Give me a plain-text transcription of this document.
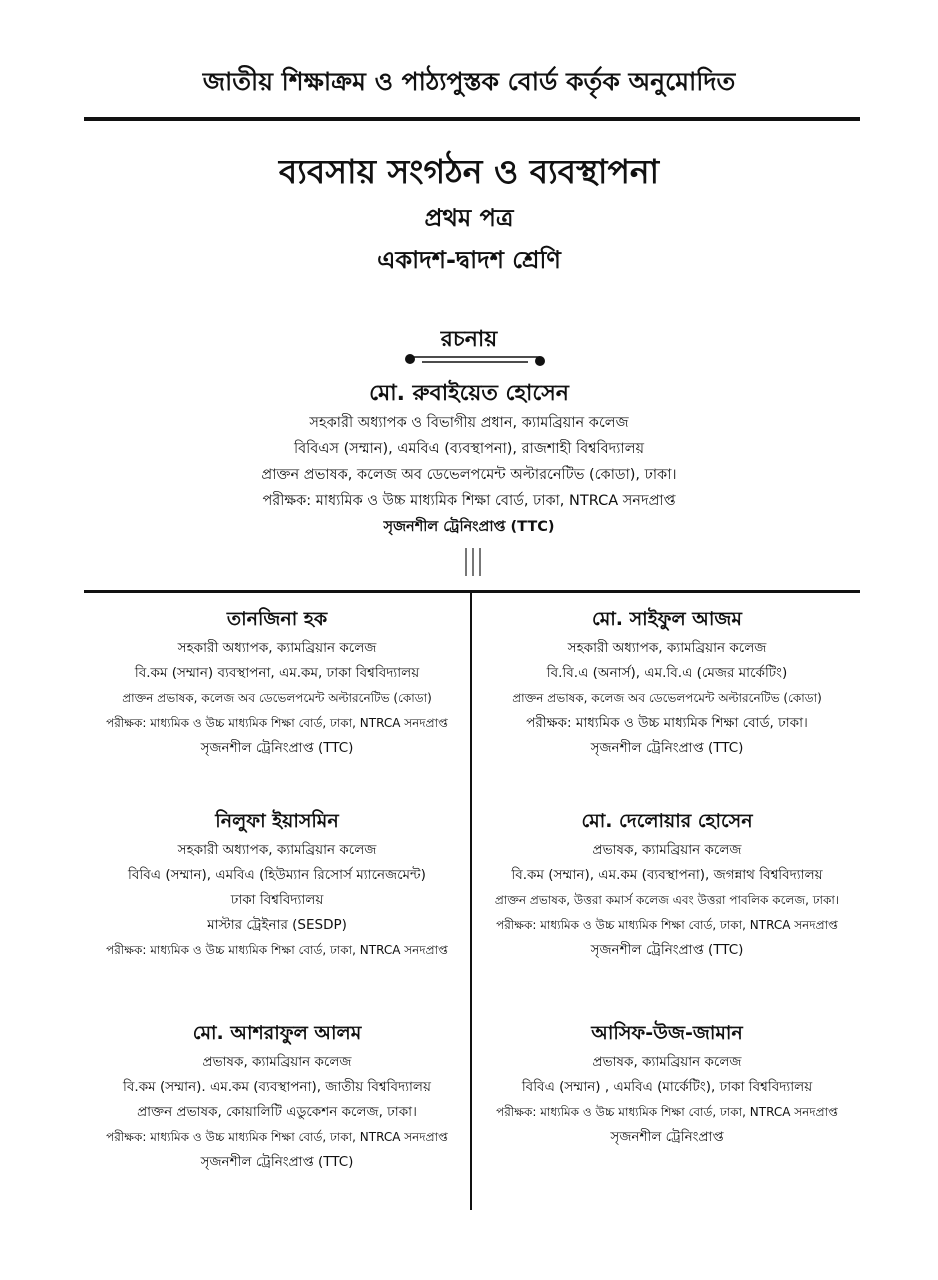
জাতীয় শিক্ষাক্রম ও পাঠ্যপুস্তক বোর্ড কর্তৃক অনুমোদিত
ব্যবসায় সংগঠন ও ব্যবস্থাপনা
প্রথম পত্র
একাদশ-দ্বাদশ শ্রেণি
রচনায়
মো. রুবাইয়েত হোসেন
সহকারী অধ্যাপক ও বিভাগীয় প্রধান, ক্যামব্রিয়ান কলেজ
বিবিএস (সম্মান), এমবিএ (ব্যবস্থাপনা), রাজশাহী বিশ্ববিদ্যালয়
প্রাক্তন প্রভাষক, কলেজ অব ডেভেলপমেন্ট অল্টারনেটিভ (কোডা), ঢাকা।
পরীক্ষক: মাধ্যমিক ও উচ্চ মাধ্যমিক শিক্ষা বোর্ড, ঢাকা, NTRCA সনদপ্রাপ্ত
সৃজনশীল ট্রেনিংপ্রাপ্ত (TTC)
তানজিনা হক
সহকারী অধ্যাপক, ক্যামব্রিয়ান কলেজ
বি.কম (সম্মান) ব্যবস্থাপনা, এম.কম, ঢাকা বিশ্ববিদ্যালয়
প্রাক্তন প্রভাষক, কলেজ অব ডেভেলপমেন্ট অল্টারনেটিভ (কোডা)
পরীক্ষক: মাধ্যমিক ও উচ্চ মাধ্যমিক শিক্ষা বোর্ড, ঢাকা, NTRCA সনদপ্রাপ্ত
সৃজনশীল ট্রেনিংপ্রাপ্ত (TTC)
নিলুফা ইয়াসমিন
সহকারী অধ্যাপক, ক্যামব্রিয়ান কলেজ
বিবিএ (সম্মান), এমবিএ (হিউম্যান রিসোর্স ম্যানেজমেন্ট)
ঢাকা বিশ্ববিদ্যালয়
মাস্টার ট্রেইনার (SESDP)
পরীক্ষক: মাধ্যমিক ও উচ্চ মাধ্যমিক শিক্ষা বোর্ড, ঢাকা, NTRCA সনদপ্রাপ্ত
মো. আশরাফুল আলম
প্রভাষক, ক্যামব্রিয়ান কলেজ
বি.কম (সম্মান). এম.কম (ব্যবস্থাপনা), জাতীয় বিশ্ববিদ্যালয়
প্রাক্তন প্রভাষক, কোয়ালিটি এডুকেশন কলেজ, ঢাকা।
পরীক্ষক: মাধ্যমিক ও উচ্চ মাধ্যমিক শিক্ষা বোর্ড, ঢাকা, NTRCA সনদপ্রাপ্ত
সৃজনশীল ট্রেনিংপ্রাপ্ত (TTC)
মো. সাইফুল আজম
সহকারী অধ্যাপক, ক্যামব্রিয়ান কলেজ
বি.বি.এ (অনার্স), এম.বি.এ (মেজর মার্কেটিং)
প্রাক্তন প্রভাষক, কলেজ অব ডেভেলপমেন্ট অল্টারনেটিভ (কোডা)
পরীক্ষক: মাধ্যমিক ও উচ্চ মাধ্যমিক শিক্ষা বোর্ড, ঢাকা।
সৃজনশীল ট্রেনিংপ্রাপ্ত (TTC)
মো. দেলোয়ার হোসেন
প্রভাষক, ক্যামব্রিয়ান কলেজ
বি.কম (সম্মান), এম.কম (ব্যবস্থাপনা), জগন্নাথ বিশ্ববিদ্যালয়
প্রাক্তন প্রভাষক, উত্তরা কমার্স কলেজ এবং উত্তরা পাবলিক কলেজ, ঢাকা।
পরীক্ষক: মাধ্যমিক ও উচ্চ মাধ্যমিক শিক্ষা বোর্ড, ঢাকা, NTRCA সনদপ্রাপ্ত
সৃজনশীল ট্রেনিংপ্রাপ্ত (TTC)
আসিফ-উজ-জামান
প্রভাষক, ক্যামব্রিয়ান কলেজ
বিবিএ (সম্মান) , এমবিএ (মার্কেটিং), ঢাকা বিশ্ববিদ্যালয়
পরীক্ষক: মাধ্যমিক ও উচ্চ মাধ্যমিক শিক্ষা বোর্ড, ঢাকা, NTRCA সনদপ্রাপ্ত
সৃজনশীল ট্রেনিংপ্রাপ্ত
